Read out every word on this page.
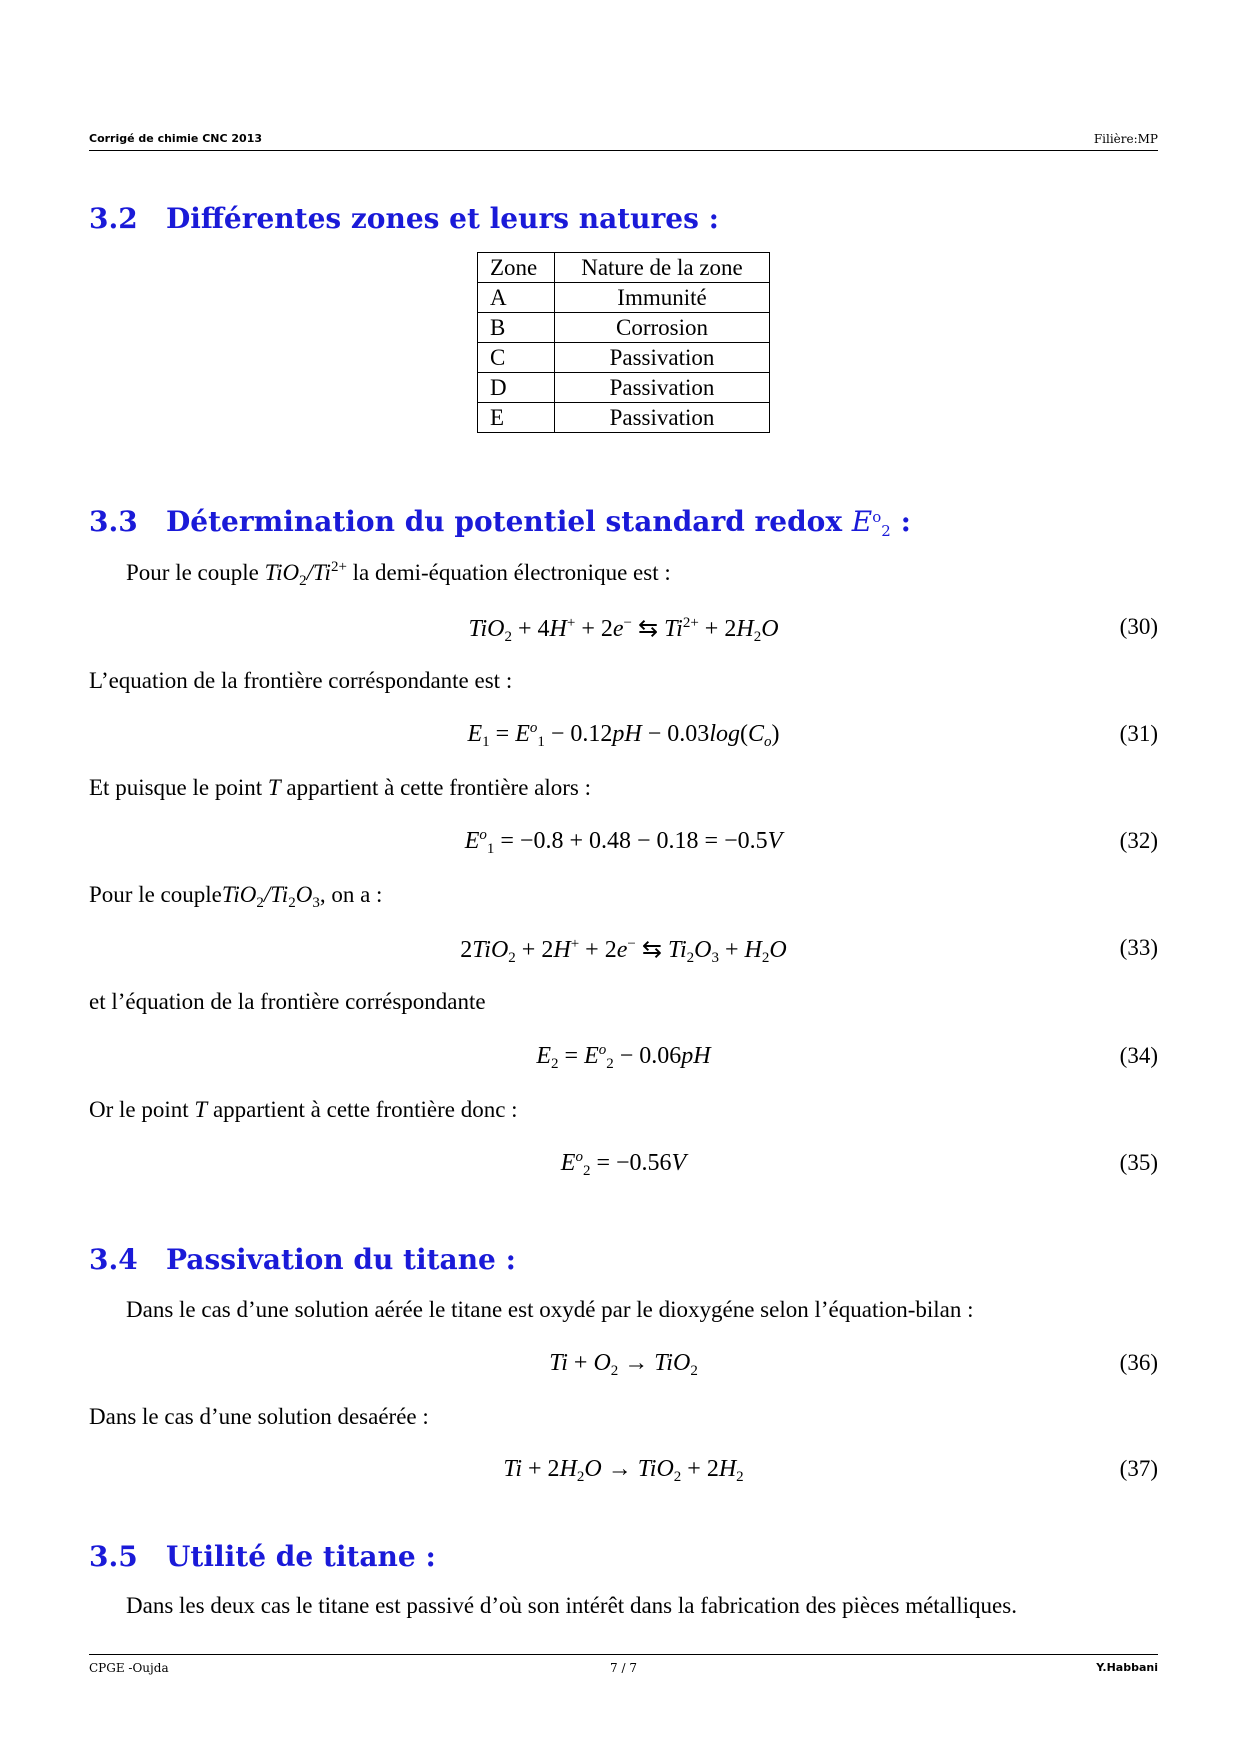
Corrigé de chimie CNC 2013	Filière:MP
3.2 Différentes zones et leurs natures :
Zone	Nature de la zone
A	Immunité
B	Corrosion
C	Passivation
D	Passivation
E	Passivation
3.3 Détermination du potentiel standard redox $E^o_2$ :
Pour le couple $TiO_2/Ti^{2+}$ la demi-équation électronique est :
TiO$_2$ + 4H+ + 2e− ⇆ $Ti^{2+} + 2H_2O$	(30)
L’equation de la frontière corréspondante est :
$E_1 = E^o_1 - 0.12pH - 0.03\log(C_o)$	(31)
Et puisque le point T appartient à cette frontière alors :
$E^o_1 = -0.8 + 0.48 - 0.18 = -0.5V$	(32)
Pour le $coupleTiO_2/Ti_2O_3$, on a :
2TiO$_2$ + 2H+ + 2e− ⇆ $Ti_2O_3 + H_2O$	(33)
et l’équation de la frontière corréspondante
$E_2 = E^o_2 - 0.06pH$	(34)
Or le point T appartient à cette frontière donc :
$E^o_2 = -0.56V$	(35)
3.4 Passivation du titane :
Dans le cas d’une solution aérée le titane est oxydé par le dioxygéne selon l’équation-bilan :
$Ti + O_2 \to TiO_2$	(36)
Dans le cas d’une solution desaérée :
$Ti + 2H_2O \to TiO_2 + 2H_2$	(37)
3.5 Utilité de titane :
Dans les deux cas le titane est passivé d’où son intérêt dans la fabrication des pièces métalliques.
CPGE -Oujda	7 / 7	Y.Habbani
